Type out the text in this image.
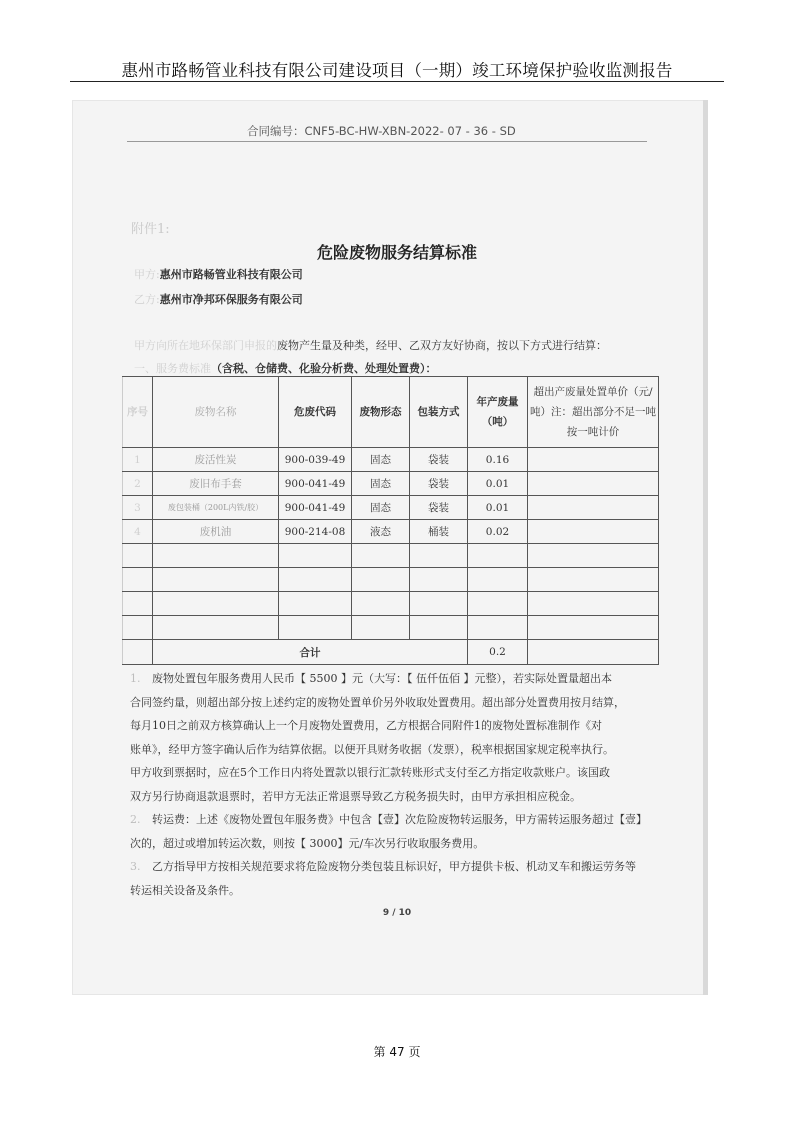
惠州市路畅管业科技有限公司建设项目（一期）竣工环境保护验收监测报告
合同编号：CNF5-BC-HW-XBN-2022- 07 - 36 - SD
附件1:
危险废物服务结算标准
甲方:惠州市路畅管业科技有限公司
乙方:惠州市净邦环保服务有限公司
甲方向所在地环保部门申报的废物产生量及种类，经甲、乙双方友好协商，按以下方式进行结算：
一、服务费标准（含税、仓储费、化验分析费、处理处置费）：
序号	废物名称	危废代码	废物形态	包装方式	年产废量（吨）	超出产废量处置单价（元/吨）注：超出部分不足一吨按一吨计价
1	废活性炭	900-039-49	固态	袋装	0.16	
2	废旧布手套	900-041-49	固态	袋装	0.01	
3	废包装桶（200L内铁/胶）	900-041-49	固态	袋装	0.01	
4	废机油	900-214-08	液态	桶装	0.02	

	合计				0.2	
1.	废物处置包年服务费用人民币【 5500 】元（大写：【 伍仟伍佰 】元整），若实际处置量超出本
合同签约量，则超出部分按上述约定的废物处置单价另外收取处置费用。超出部分处置费用按月结算，
每月10日之前双方核算确认上一个月废物处置费用，乙方根据合同附件1的废物处置标准制作《对
账单》，经甲方签字确认后作为结算依据。以便开具财务收据（发票），税率根据国家规定税率执行。
甲方收到票据时，应在5个工作日内将处置款以银行汇款转账形式支付至乙方指定收款账户。该国政
双方另行协商退款退票时，若甲方无法正常退票导致乙方税务损失时，由甲方承担相应税金。
2.	转运费：上述《废物处置包年服务费》中包含【壹】次危险废物转运服务，甲方需转运服务超过【壹】
次的，超过或增加转运次数，则按【 3000】元/车次另行收取服务费用。
3.	乙方指导甲方按相关规范要求将危险废物分类包装且标识好，甲方提供卡板、机动叉车和搬运劳务等
转运相关设备及条件。
9 / 10
第 47 页
